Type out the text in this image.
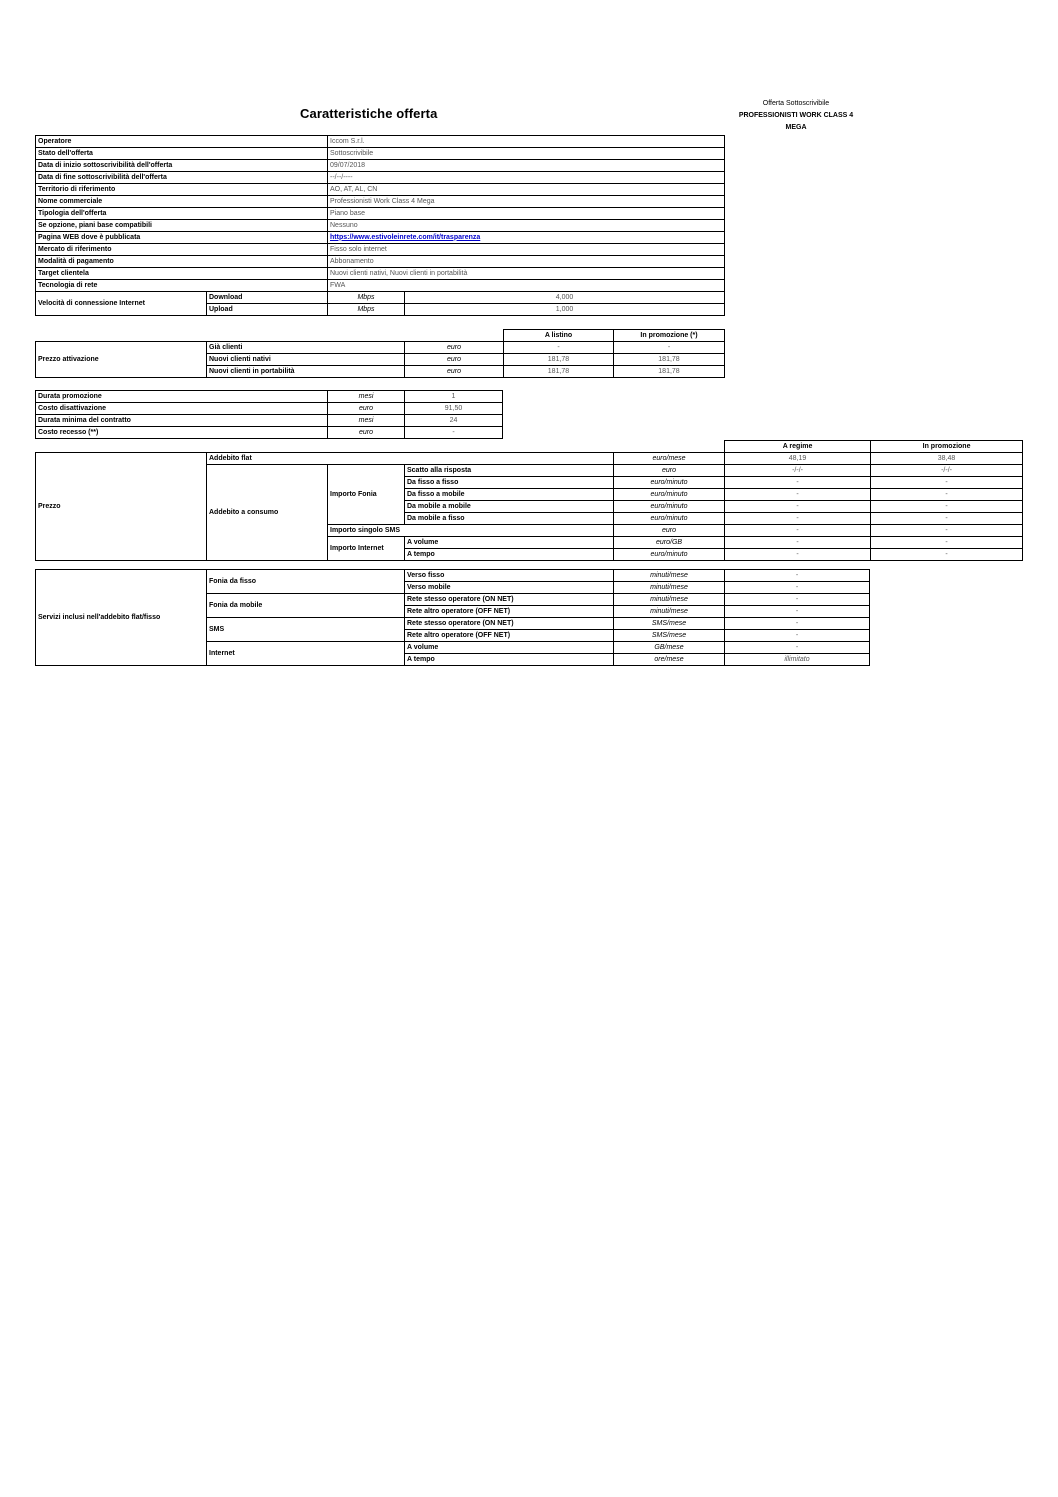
Caratteristiche offerta
Offerta Sottoscrivibile
PROFESSIONISTI WORK CLASS 4
MEGA
Operatore		Iccom S.r.l.	
Stato dell'offerta		Sottoscrivibile	
Data di inizio sottoscrivibilità dell'offerta		09/07/2018	
Data di fine sottoscrivibilità dell'offerta		--/--/----	
Territorio di riferimento		AO, AT, AL, CN	
Nome commerciale		Professionisti Work Class 4 Mega	
Tipologia dell'offerta		Piano base	
Se opzione, piani base compatibili		Nessuno	
Pagina WEB dove è pubblicata		https://www.estivoleinrete.com/it/trasparenza	
Mercato di riferimento		Fisso solo internet	
Modalità di pagamento		Abbonamento	
Target clientela		Nuovi clienti nativi, Nuovi clienti in portabilità	
Tecnologia di rete		FWA	
Velocità di connessione Internet	Download	Mbps	4,000
	Upload	Mbps	1,000
			A listino	In promozione (*)
Prezzo attivazione	Già clienti	euro	-	-
	Nuovi clienti nativi	euro	181,78	181,78
	Nuovi clienti in portabilità	euro	181,78	181,78
Durata promozione	mesi	1
Costo disattivazione	euro	91,50
Durata minima del contratto	mesi	24
Costo recesso (**)	euro	-
					A regime	In promozione
Prezzo	Addebito flat			euro/mese	48,19	38,48
	Addebito a consumo	Importo Fonia	Scatto alla risposta	euro	-/-/-	-/-/-
			Da fisso a fisso	euro/minuto	-	-
			Da fisso a mobile	euro/minuto	-	-
			Da mobile a mobile	euro/minuto	-	-
			Da mobile a fisso	euro/minuto	-	-
		Importo singolo SMS		euro	-	-
		Importo Internet	A volume	euro/GB	-	-
			A tempo	euro/minuto	-	-
Servizi inclusi nell'addebito flat/fisso	Fonia da fisso	Verso fisso	minuti/mese	-
		Verso mobile	minuti/mese	-
	Fonia da mobile	Rete stesso operatore (ON NET)	minuti/mese	-
		Rete altro operatore (OFF NET)	minuti/mese	-
	SMS	Rete stesso operatore (ON NET)	SMS/mese	-
		Rete altro operatore (OFF NET)	SMS/mese	-
	Internet	A volume	GB/mese	-
		A tempo	ore/mese	illimitato
